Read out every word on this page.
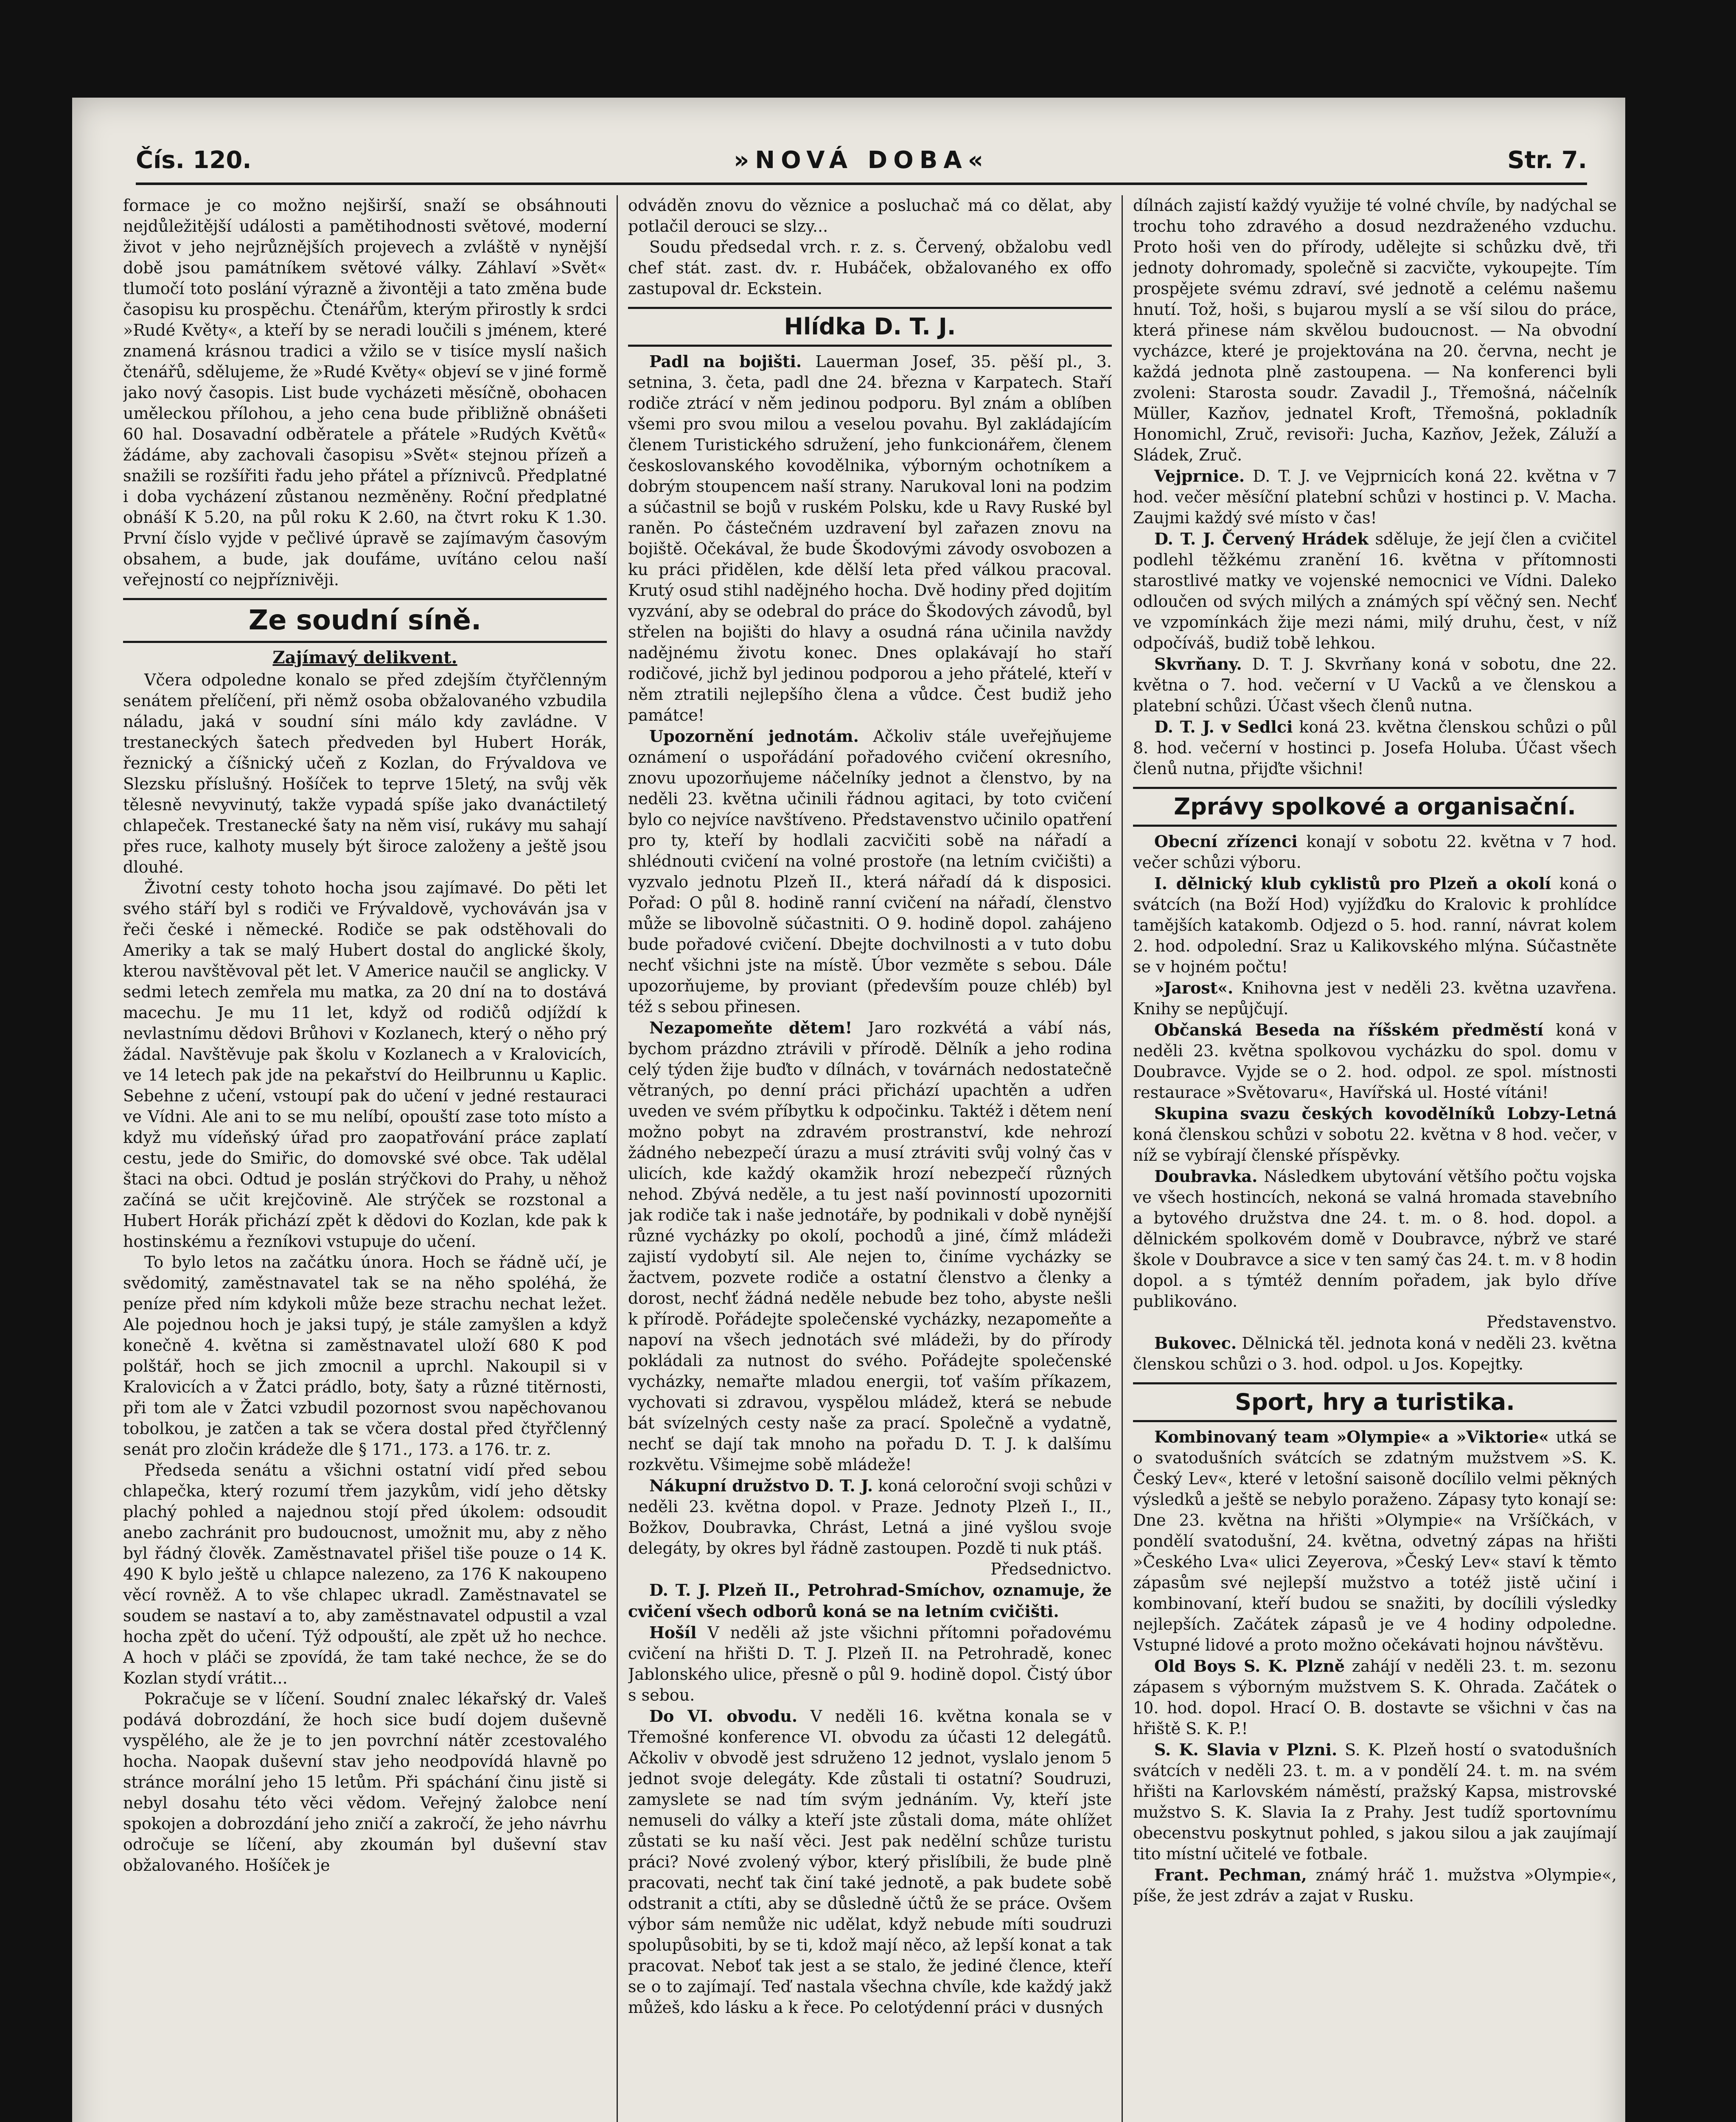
Čís. 120.	»NOVÁ DOBA«	Str. 7.

formace je co možno nejširší, snaží se obsáhnouti nejdůležitější události a pamětihodnosti světové, moderní život v jeho nejrůznějších projevech a zvláště v nynější době jsou památníkem světové války. Záhlaví »Svět« tlumočí toto poslání výrazně a živontěji a tato změna bude časopisu ku prospěchu. Čtenářům, kterým přirostly k srdci »Rudé Květy«, a kteří by se neradi loučili s jménem, které znamená krásnou tradici a vžilo se v tisíce myslí našich čtenářů, sdělujeme, že »Rudé Květy« objeví se v jiné formě jako nový časopis. List bude vycházeti měsíčně, obohacen uměleckou přílohou, a jeho cena bude přibližně obnášeti 60 hal. Dosavadní odběratele a přátele »Rudých Květů« žádáme, aby zachovali časopisu »Svět« stejnou přízeň a snažili se rozšířiti řadu jeho přátel a příznivců. Předplatné i doba vycházení zůstanou nezměněny. Roční předplatné obnáší K 5.20, na půl roku K 2.60, na čtvrt roku K 1.30. První číslo vyjde v pečlivé úpravě se zajímavým časovým obsahem, a bude, jak doufáme, uvítáno celou naší veřejností co nejpříznivěji.

Ze soudní síně.
Zajímavý delikvent.

Včera odpoledne konalo se před zdejším čtyřčlenným senátem přelíčení, při němž osoba obžalovaného vzbudila náladu, jaká v soudní síni málo kdy zavládne. V trestaneckých šatech předveden byl Hubert Horák, řeznický a číšnický učeň z Kozlan, do Frývaldova ve Slezsku příslušný. Hošíček to teprve 15letý, na svůj věk tělesně nevyvinutý, takže vypadá spíše jako dvanáctiletý chlapeček. Trestanecké šaty na něm visí, rukávy mu sahají přes ruce, kalhoty musely být široce založeny a ještě jsou dlouhé.

Životní cesty tohoto hocha jsou zajímavé. Do pěti let svého stáří byl s rodiči ve Frývaldově, vychováván jsa v řeči české i německé. Rodiče se pak odstěhovali do Ameriky a tak se malý Hubert dostal do anglické školy, kterou navštěvoval pět let. V Americe naučil se anglicky. V sedmi letech zemřela mu matka, za 20 dní na to dostává macechu. Je mu 11 let, když od rodičů odjíždí k nevlastnímu dědovi Brůhovi v Kozlanech, který o něho prý žádal. Navštěvuje pak školu v Kozlanech a v Kralovicích, ve 14 letech pak jde na pekařství do Heilbrunnu u Kaplic. Sebehne z učení, vstoupí pak do učení v jedné restauraci ve Vídni. Ale ani to se mu nelíbí, opouští zase toto místo a když mu vídeňský úřad pro zaopatřování práce zaplatí cestu, jede do Smiřic, do domovské své obce. Tak udělal štaci na obci. Odtud je poslán strýčkovi do Prahy, u něhož začíná se učit krejčovině. Ale strýček se rozstonal a Hubert Horák přichází zpět k dědovi do Kozlan, kde pak k hostinskému a řezníkovi vstupuje do učení.

To bylo letos na začátku února. Hoch se řádně učí, je svědomitý, zaměstnavatel tak se na něho spoléhá, že peníze před ním kdykoli může beze strachu nechat ležet. Ale pojednou hoch je jaksi tupý, je stále zamyšlen a když konečně 4. května si zaměstnavatel uloží 680 K pod polštář, hoch se jich zmocnil a uprchl. Nakoupil si v Kralovicích a v Žatci prádlo, boty, šaty a různé titěrnosti, při tom ale v Žatci vzbudil pozornost svou napěchovanou tobolkou, je zatčen a tak se včera dostal před čtyřčlenný senát pro zločin krádeže dle § 171., 173. a 176. tr. z.

Předseda senátu a všichni ostatní vidí před sebou chlapečka, který rozumí třem jazykům, vidí jeho dětsky plachý pohled a najednou stojí před úkolem: odsoudit anebo zachránit pro budoucnost, umožnit mu, aby z něho byl řádný člověk. Zaměstnavatel přišel tiše pouze o 14 K. 490 K bylo ještě u chlapce nalezeno, za 176 K nakoupeno věcí rovněž. A to vše chlapec ukradl. Zaměstnavatel se soudem se nastaví a to, aby zaměstnavatel odpustil a vzal hocha zpět do učení. Týž odpouští, ale zpět už ho nechce. A hoch v pláči se zpovídá, že tam také nechce, že se do Kozlan stydí vrátit...

Pokračuje se v líčení. Soudní znalec lékařský dr. Valeš podává dobrozdání, že hoch sice budí dojem duševně vyspělého, ale že je to jen povrchní nátěr zcestovalého hocha. Naopak duševní stav jeho neodpovídá hlavně po stránce morální jeho 15 letům. Při spáchání činu jistě si nebyl dosahu této věci vědom. Veřejný žalobce není spokojen a dobrozdání jeho zničí a zakročí, že jeho návrhu odročuje se líčení, aby zkoumán byl duševní stav obžalovaného. Hošíček je

odváděn znovu do věznice a posluchač má co dělat, aby potlačil derouci se slzy...

Soudu předsedal vrch. r. z. s. Červený, obžalobu vedl chef stát. zast. dv. r. Hubáček, obžalovaného ex offo zastupoval dr. Eckstein.

Hlídka D. T. J.

Padl na bojišti. Lauerman Josef, 35. pěší pl., 3. setnina, 3. četa, padl dne 24. března v Karpatech. Staří rodiče ztrácí v něm jedinou podporu. Byl znám a oblíben všemi pro svou milou a veselou povahu. Byl zakládajícím členem Turistického sdružení, jeho funkcionářem, členem českoslovanského kovodělnika, výborným ochotníkem a dobrým stoupencem naší strany. Narukoval loni na podzim a súčastnil se bojů v ruském Polsku, kde u Ravy Ruské byl raněn. Po částečném uzdravení byl zařazen znovu na bojiště. Očekával, že bude Škodovými závody osvobozen a ku práci přidělen, kde dělší leta před válkou pracoval. Krutý osud stihl nadějného hocha. Dvě hodiny před dojitím vyzvání, aby se odebral do práce do Škodových závodů, byl střelen na bojišti do hlavy a osudná rána učinila navždy nadějnému životu konec. Dnes oplakávají ho staří rodičové, jichž byl jedinou podporou a jeho přátelé, kteří v něm ztratili nejlepšího člena a vůdce. Čest budiž jeho památce!

Upozornění jednotám. Ačkoliv stále uveřejňujeme oznámení o uspořádání pořadového cvičení okresního, znovu upozorňujeme náčelníky jednot a členstvo, by na neděli 23. května učinili řádnou agitaci, by toto cvičení bylo co nejvíce navštíveno. Představenstvo učinilo opatření pro ty, kteří by hodlali zacvičiti sobě na nářadí a shlédnouti cvičení na volné prostoře (na letním cvičišti) a vyzvalo jednotu Plzeň II., která nářadí dá k disposici. Pořad: O půl 8. hodině ranní cvičení na nářadí, členstvo může se libovolně súčastniti. O 9. hodině dopol. zahájeno bude pořadové cvičení. Dbejte dochvilnosti a v tuto dobu nechť všichni jste na místě. Úbor vezměte s sebou. Dále upozorňujeme, by proviant (především pouze chléb) byl též s sebou přinesen.

Nezapomeňte dětem! Jaro rozkvétá a vábí nás, bychom prázdno ztrávili v přírodě. Dělník a jeho rodina celý týden žije buďto v dílnách, v továrnách nedostatečně větraných, po denní práci přichází upachtěn a udřen uveden ve svém příbytku k odpočinku. Taktéž i dětem není možno pobyt na zdravém prostranství, kde nehrozí žádného nebezpečí úrazu a musí ztráviti svůj volný čas v ulicích, kde každý okamžik hrozí nebezpečí různých nehod. Zbývá neděle, a tu jest naší povinností upozorniti jak rodiče tak i naše jednotáře, by podnikali v době nynější různé vycházky po okolí, pochodů a jiné, čímž mládeži zajistí vydobytí sil. Ale nejen to, činíme vycházky se žactvem, pozvete rodiče a ostatní členstvo a členky a dorost, nechť žádná neděle nebude bez toho, abyste nešli k přírodě. Pořádejte společenské vycházky, nezapomeňte a napoví na všech jednotách své mládeži, by do přírody pokládali za nutnost do svého. Pořádejte společenské vycházky, nemařte mladou energii, toť vaším příkazem, vychovati si zdravou, vyspělou mládež, která se nebude bát svízelných cesty naše za prací. Společně a vydatně, nechť se dají tak mnoho na pořadu D. T. J. k dalšímu rozkvětu. Všimejme sobě mládeže!

Nákupní družstvo D. T. J. koná celoroční svoji schůzi v neděli 23. května dopol. v Praze. Jednoty Plzeň I., II., Božkov, Doubravka, Chrást, Letná a jiné vyšlou svoje delegáty, by okres byl řádně zastoupen. Pozdě ti nuk ptáš.

Předsednictvo.

D. T. J. Plzeň II., Petrohrad-Smíchov, oznamuje, že cvičení všech odborů koná se na letním cvičišti.

Hošíl V neděli až jste všichni přítomni pořadovému cvičení na hřišti D. T. J. Plzeň II. na Petrohradě, konec Jablonského ulice, přesně o půl 9. hodině dopol. Čistý úbor s sebou.

Do VI. obvodu. V neděli 16. května konala se v Třemošné konference VI. obvodu za účasti 12 delegátů. Ačkoliv v obvodě jest sdruženo 12 jednot, vyslalo jenom 5 jednot svoje delegáty. Kde zůstali ti ostatní? Soudruzi, zamyslete se nad tím svým jednáním. Vy, kteří jste nemuseli do války a kteří jste zůstali doma, máte ohlížet zůstati se ku naší věci. Jest pak nedělní schůze turistu práci? Nové zvolený výbor, který přislíbili, že bude plně pracovati, nechť tak činí také jednotě, a pak budete sobě odstranit a ctíti, aby se důsledně účtů že se práce. Ovšem výbor sám nemůže nic udělat, když nebude míti soudruzi spolupůsobiti, by se ti, kdož mají něco, až lepší konat a tak pracovat. Neboť tak jest a se stalo, že jediné člence, kteří se o to zajímají. Teď nastala všechna chvíle, kde každý jakž můžeš, kdo lásku a k řece. Po celotýdenní práci v dusných

dílnách zajistí každý využije té volné chvíle, by nadýchal se trochu toho zdravého a dosud nezdraženého vzduchu. Proto hoši ven do přírody, udělejte si schůzku dvě, tři jednoty dohromady, společně si zacvičte, vykoupejte. Tím prospějete svému zdraví, své jednotě a celému našemu hnutí. Tož, hoši, s bujarou myslí a se vší silou do práce, která přinese nám skvělou budoucnost. — Na obvodní vycházce, které je projektována na 20. června, necht je každá jednota plně zastoupena. — Na konferenci byli zvoleni: Starosta soudr. Zavadil J., Třemošná, náčelník Müller, Kazňov, jednatel Kroft, Třemošná, pokladník Honomichl, Zruč, revisoři: Jucha, Kazňov, Ježek, Záluží a Sládek, Zruč.

Vejprnice. D. T. J. ve Vejprnicích koná 22. května v 7 hod. večer měsíční platební schůzi v hostinci p. V. Macha. Zaujmi každý své místo v čas!

D. T. J. Červený Hrádek sděluje, že její člen a cvičitel podlehl těžkému zranění 16. května v přítomnosti starostlivé matky ve vojenské nemocnici ve Vídni. Daleko odloučen od svých milých a známých spí věčný sen. Nechť ve vzpomínkách žije mezi námi, milý druhu, čest, v níž odpočíváš, budiž tobě lehkou.

Skvrňany. D. T. J. Skvrňany koná v sobotu, dne 22. května o 7. hod. večerní v U Vacků a ve členskou a platební schůzi. Účast všech členů nutna.

D. T. J. v Sedlci koná 23. května členskou schůzi o půl 8. hod. večerní v hostinci p. Josefa Holuba. Účast všech členů nutna, přijďte všichni!

Zprávy spolkové a organisační.

Obecní zřízenci konají v sobotu 22. května v 7 hod. večer schůzi výboru.

I. dělnický klub cyklistů pro Plzeň a okolí koná o svátcích (na Boží Hod) vyjížďku do Kralovic k prohlídce tamějších katakomb. Odjezd o 5. hod. ranní, návrat kolem 2. hod. odpolední. Sraz u Kalikovského mlýna. Súčastněte se v hojném počtu!

»Jarost«. Knihovna jest v neděli 23. května uzavřena. Knihy se nepůjčují.

Občanská Beseda na říšském předměstí koná v neděli 23. května spolkovou vycházku do spol. domu v Doubravce. Vyjde se o 2. hod. odpol. ze spol. místnosti restaurace »Světovaru«, Havířská ul. Hosté vítáni!

Skupina svazu českých kovodělníků Lobzy-Letná koná členskou schůzi v sobotu 22. května v 8 hod. večer, v níž se vybírají členské příspěvky.

Doubravka. Následkem ubytování většího počtu vojska ve všech hostincích, nekoná se valná hromada stavebního a bytového družstva dne 24. t. m. o 8. hod. dopol. a dělnickém spolkovém domě v Doubravce, nýbrž ve staré škole v Doubravce a sice v ten samý čas 24. t. m. v 8 hodin dopol. a s týmtéž denním pořadem, jak bylo dříve publikováno.

Představenstvo.

Bukovec. Dělnická těl. jednota koná v neděli 23. května členskou schůzi o 3. hod. odpol. u Jos. Kopejtky.

Sport, hry a turistika.

Kombinovaný team »Olympie« a »Viktorie« utká se o svatodušních svátcích se zdatným mužstvem »S. K. Český Lev«, které v letošní saisoně docílilo velmi pěkných výsledků a ještě se nebylo poraženo. Zápasy tyto konají se: Dne 23. května na hřišti »Olympie« na Vršíčkách, v pondělí svatodušní, 24. května, odvetný zápas na hřišti »Českého Lva« ulici Zeyerova, »Český Lev« staví k těmto zápasům své nejlepší mužstvo a totéž jistě učiní i kombinovaní, kteří budou se snažiti, by docílili výsledky nejlepších. Začátek zápasů je ve 4 hodiny odpoledne. Vstupné lidové a proto možno očekávati hojnou návštěvu.

Old Boys S. K. Plzně zahájí v neděli 23. t. m. sezonu zápasem s výborným mužstvem S. K. Ohrada. Začátek o 10. hod. dopol. Hrací O. B. dostavte se všichni v čas na hřiště S. K. P.!

S. K. Slavia v Plzni. S. K. Plzeň hostí o svatodušních svátcích v neděli 23. t. m. a v pondělí 24. t. m. na svém hřišti na Karlovském náměstí, pražský Kapsa, mistrovské mužstvo S. K. Slavia Ia z Prahy. Jest tudíž sportovnímu obecenstvu poskytnut pohled, s jakou silou a jak zaujímají tito místní učitelé ve fotbale.

Frant. Pechman, známý hráč 1. mužstva »Olympie«, píše, že jest zdráv a zajat v Rusku.
